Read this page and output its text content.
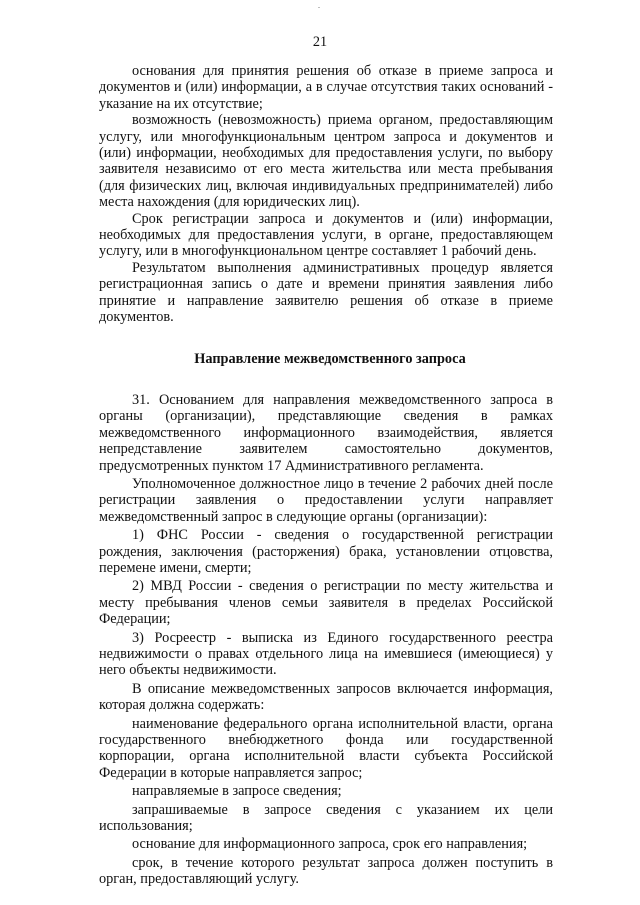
.
21

основания для принятия решения об отказе в приеме запроса и документов и (или) информации, а в случае отсутствия таких оснований - указание на их отсутствие;

возможность (невозможность) приема органом, предоставляющим услугу, или многофункциональным центром запроса и документов и (или) информации, необходимых для предоставления услуги, по выбору заявителя независимо от его места жительства или места пребывания (для физических лиц, включая индивидуальных предпринимателей) либо места нахождения (для юридических лиц).

Срок регистрации запроса и документов и (или) информации, необходимых для предоставления услуги, в органе, предоставляющем услугу, или в многофункциональном центре составляет 1 рабочий день.

Результатом выполнения административных процедур является регистрационная запись о дате и времени принятия заявления либо принятие и направление заявителю решения об отказе в приеме документов.

Направление межведомственного запроса

31. Основанием для направления межведомственного запроса в органы (организации), представляющие сведения в рамках межведомственного информационного взаимодействия, является непредставление заявителем самостоятельно документов, предусмотренных пунктом 17 Административного регламента.

Уполномоченное должностное лицо в течение 2 рабочих дней после регистрации заявления о предоставлении услуги направляет межведомственный запрос в следующие органы (организации):

1) ФНС России - сведения о государственной регистрации рождения, заключения (расторжения) брака, установлении отцовства, перемене имени, смерти;

2) МВД России - сведения о регистрации по месту жительства и месту пребывания членов семьи заявителя в пределах Российской Федерации;

3) Росреестр - выписка из Единого государственного реестра недвижимости о правах отдельного лица на имевшиеся (имеющиеся) у него объекты недвижимости.

В описание межведомственных запросов включается информация, которая должна содержать:

наименование федерального органа исполнительной власти, органа государственного внебюджетного фонда или государственной корпорации, органа исполнительной власти субъекта Российской Федерации в которые направляется запрос;

направляемые в запросе сведения;

запрашиваемые в запросе сведения с указанием их цели использования;

основание для информационного запроса, срок его направления;

срок, в течение которого результат запроса должен поступить в орган, предоставляющий услугу.
